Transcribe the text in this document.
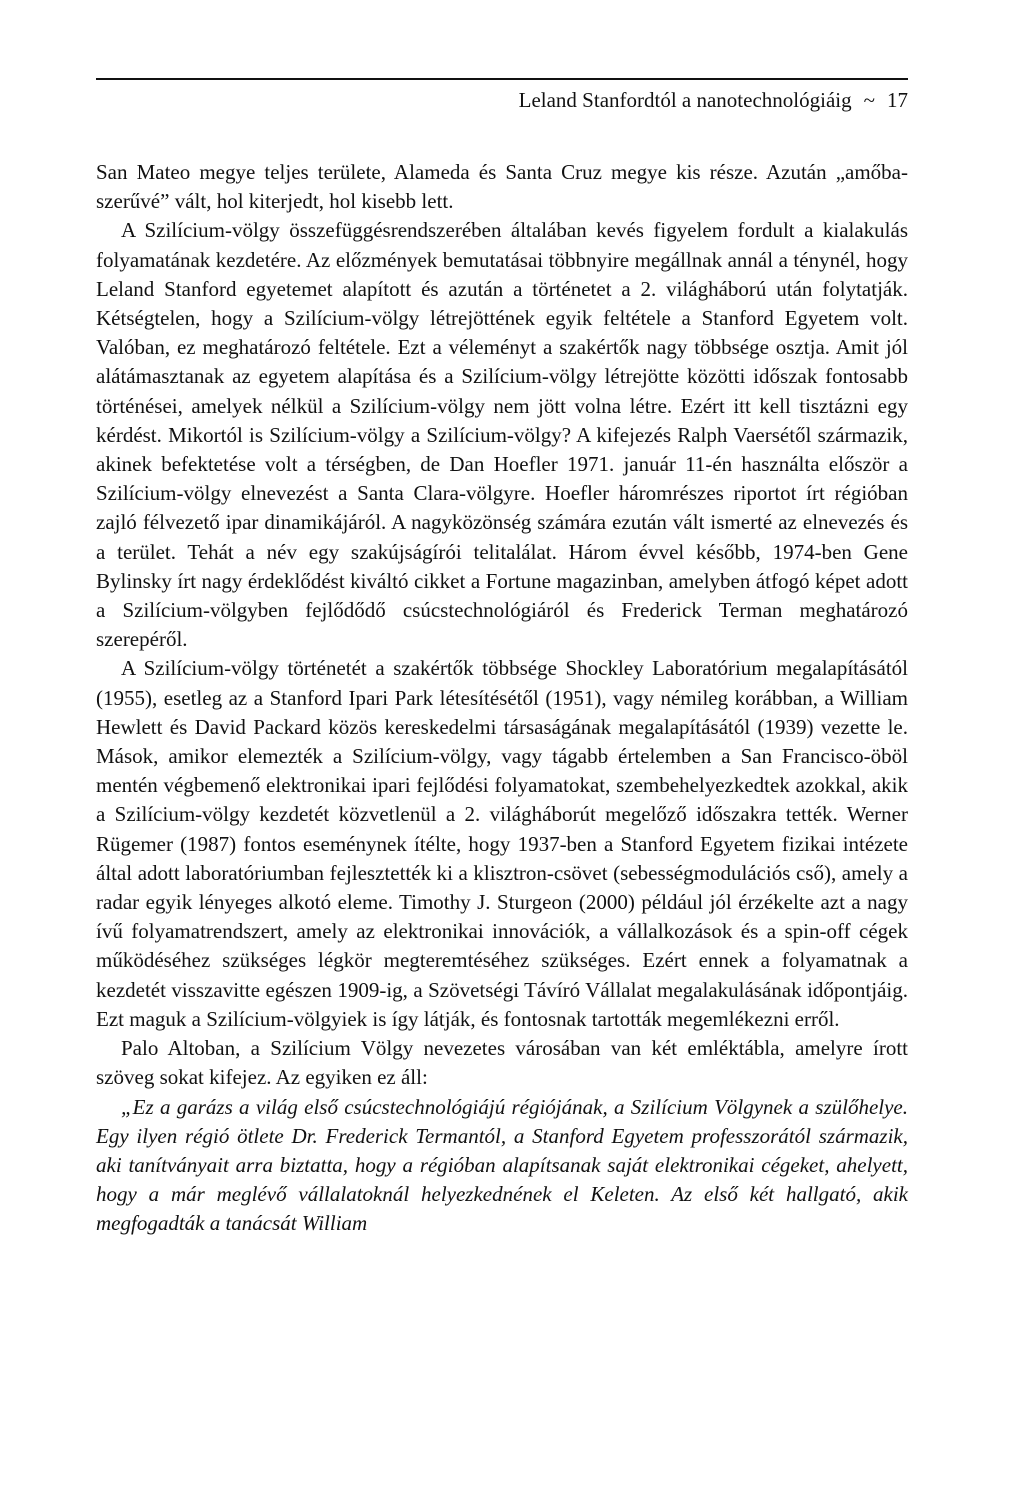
Leland Stanfordtól a nanotechnológiáig ~ 17

San Mateo megye teljes területe, Alameda és Santa Cruz megye kis része. Azután „amőba-szerűvé” vált, hol kiterjedt, hol kisebb lett.

A Szilícium-völgy összefüggésrendszerében általában kevés figyelem fordult a kialakulás folyamatának kezdetére. Az előzmények bemutatásai többnyire megállnak annál a ténynél, hogy Leland Stanford egyetemet alapított és azután a történetet a 2. világháború után folytatják. Kétségtelen, hogy a Szilícium-völgy létrejöttének egyik feltétele a Stanford Egyetem volt. Valóban, ez meghatározó feltétele. Ezt a véleményt a szakértők nagy többsége osztja. Amit jól alátámasztanak az egyetem alapítása és a Szilícium-völgy létrejötte közötti időszak fontosabb történései, amelyek nélkül a Szilícium-völgy nem jött volna létre. Ezért itt kell tisztázni egy kérdést. Mikortól is Szilícium-völgy a Szilícium-völgy? A kifejezés Ralph Vaersétől származik, akinek befektetése volt a térségben, de Dan Hoefler 1971. január 11-én használta először a Szilícium-völgy elnevezést a Santa Clara-völgyre. Hoefler háromrészes riportot írt régióban zajló félvezető ipar dinamikájáról. A nagyközönség számára ezután vált ismerté az elnevezés és a terület. Tehát a név egy szakújságírói telitalálat. Három évvel később, 1974-ben Gene Bylinsky írt nagy érdeklődést kiváltó cikket a Fortune magazinban, amelyben átfogó képet adott a Szilícium-völgyben fejlődődő csúcstechnológiáról és Frederick Terman meghatározó szerepéről.

A Szilícium-völgy történetét a szakértők többsége Shockley Laboratórium megalapításától (1955), esetleg az a Stanford Ipari Park létesítésétől (1951), vagy némileg korábban, a William Hewlett és David Packard közös kereskedelmi társaságának megalapításától (1939) vezette le. Mások, amikor elemezték a Szilícium-völgy, vagy tágabb értelemben a San Francisco-öböl mentén végbemenő elektronikai ipari fejlődési folyamatokat, szembehelyezkedtek azokkal, akik a Szilícium-völgy kezdetét közvetlenül a 2. világháborút megelőző időszakra tették. Werner Rügemer (1987) fontos eseménynek ítélte, hogy 1937-ben a Stanford Egyetem fizikai intézete által adott laboratóriumban fejlesztették ki a klisztron-csövet (sebességmodulációs cső), amely a radar egyik lényeges alkotó eleme. Timothy J. Sturgeon (2000) például jól érzékelte azt a nagy ívű folyamatrendszert, amely az elektronikai innovációk, a vállalkozások és a spin-off cégek működéséhez szükséges légkör megteremtéséhez szükséges. Ezért ennek a folyamatnak a kezdetét visszavitte egészen 1909-ig, a Szövetségi Távíró Vállalat megalakulásának időpontjáig. Ezt maguk a Szilícium-völgyiek is így látják, és fontosnak tartották megemlékezni erről.

Palo Altoban, a Szilícium Völgy nevezetes városában van két emléktábla, amelyre írott szöveg sokat kifejez. Az egyiken ez áll:

„Ez a garázs a világ első csúcstechnológiájú régiójának, a Szilícium Völgynek a szülőhelye. Egy ilyen régió ötlete Dr. Frederick Termantól, a Stanford Egyetem professzorától származik, aki tanítványait arra biztatta, hogy a régióban alapítsanak saját elektronikai cégeket, ahelyett, hogy a már meglévő vállalatoknál helyezkednének el Keleten. Az első két hallgató, akik megfogadták a tanácsát William
